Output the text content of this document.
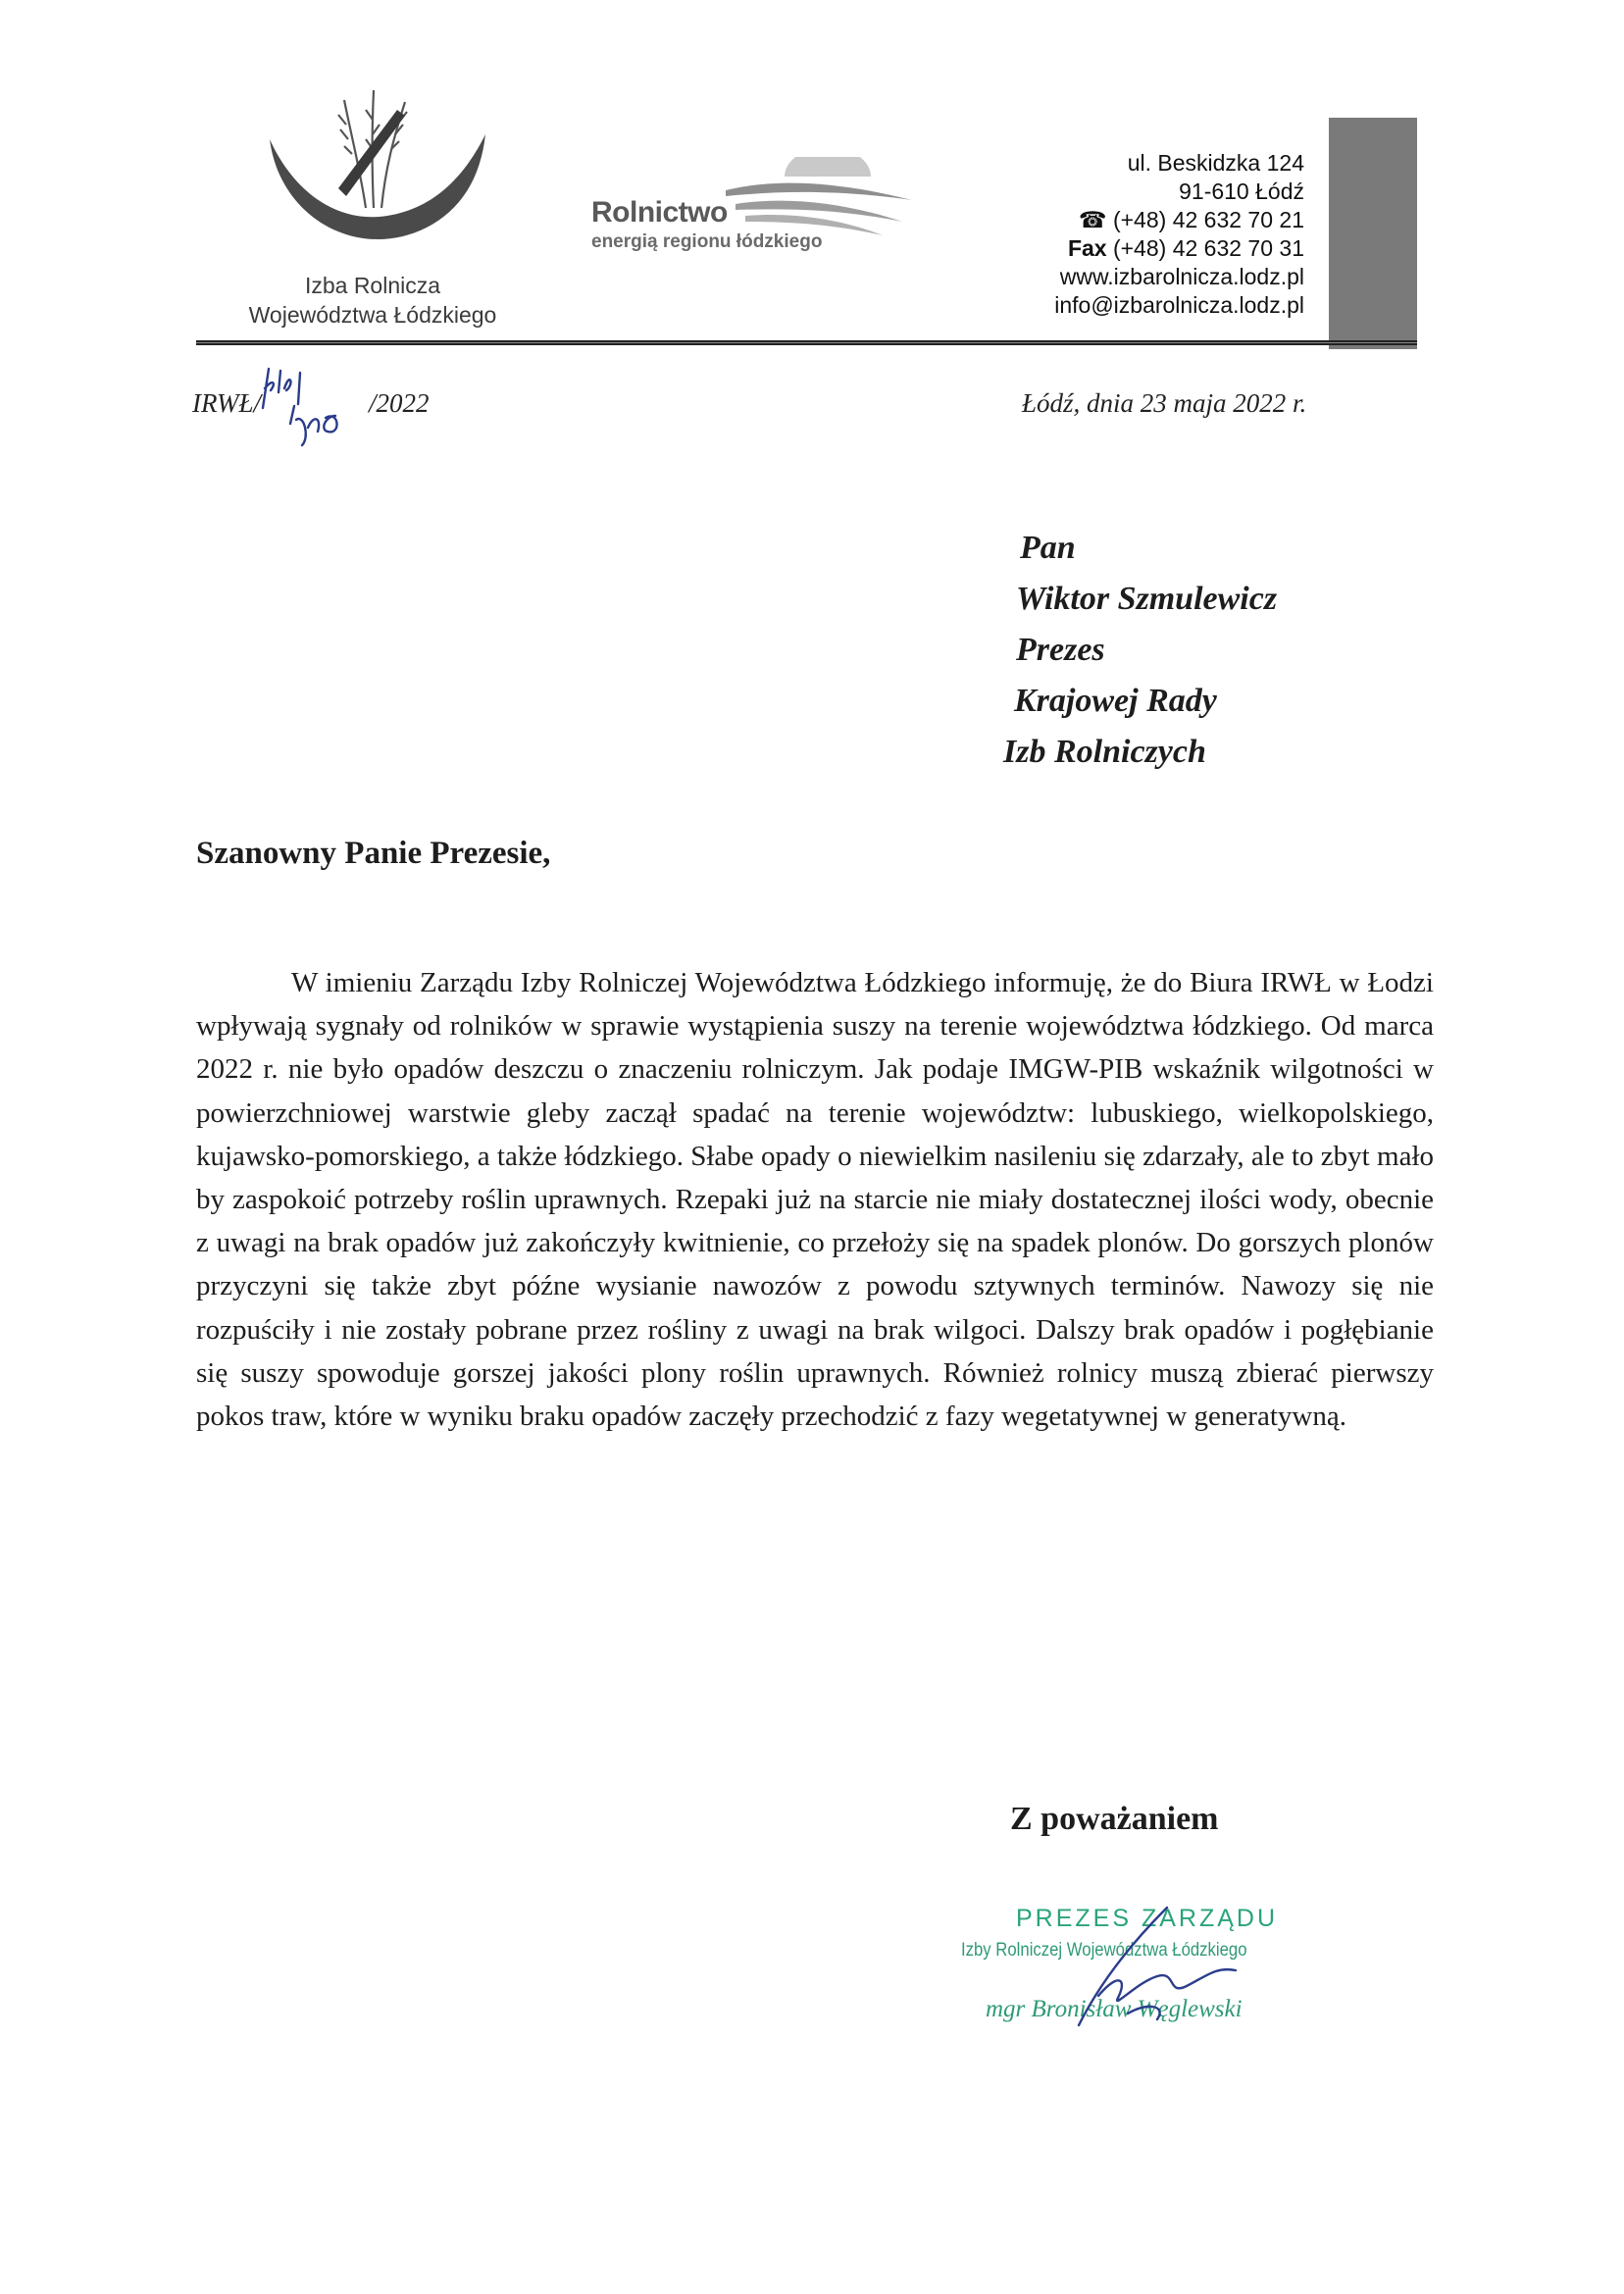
Izba Rolnicza
Województwa Łódzkiego
Rolnictwo
energią regionu łódzkiego
ul. Beskidzka 124
91-610 Łódź
☎ (+48) 42 632 70 21
Fax (+48) 42 632 70 31
www.izbarolnicza.lodz.pl
info@izbarolnicza.lodz.pl
IRWŁ/	/2022	Łódź, dnia 23 maja 2022 r.
Pan
Wiktor Szmulewicz
Prezes
Krajowej Rady
Izb Rolniczych
Szanowny Panie Prezesie,

W imieniu Zarządu Izby Rolniczej Województwa Łódzkiego informuję, że do Biura IRWŁ w Łodzi wpływają sygnały od rolników w sprawie wystąpienia suszy na terenie województwa łódzkiego. Od marca 2022 r. nie było opadów deszczu o znaczeniu rolniczym. Jak podaje IMGW-PIB wskaźnik wilgotności w powierzchniowej warstwie gleby zaczął spadać na terenie województw: lubuskiego, wielkopolskiego, kujawsko-pomorskiego, a także łódzkiego. Słabe opady o niewielkim nasileniu się zdarzały, ale to zbyt mało by zaspokoić potrzeby roślin uprawnych. Rzepaki już na starcie nie miały dostatecznej ilości wody, obecnie z uwagi na brak opadów już zakończyły kwitnienie, co przełoży się na spadek plonów. Do gorszych plonów przyczyni się także zbyt późne wysianie nawozów z powodu sztywnych terminów. Nawozy się nie rozpuściły i nie zostały pobrane przez rośliny z uwagi na brak wilgoci. Dalszy brak opadów i pogłębianie się suszy spowoduje gorszej jakości plony roślin uprawnych. Również rolnicy muszą zbierać pierwszy pokos traw, które w wyniku braku opadów zaczęły przechodzić z fazy wegetatywnej w generatywną.

Z poważaniem
PREZES ZARZĄDU
Izby Rolniczej Województwa Łódzkiego
mgr Bronisław Węglewski
